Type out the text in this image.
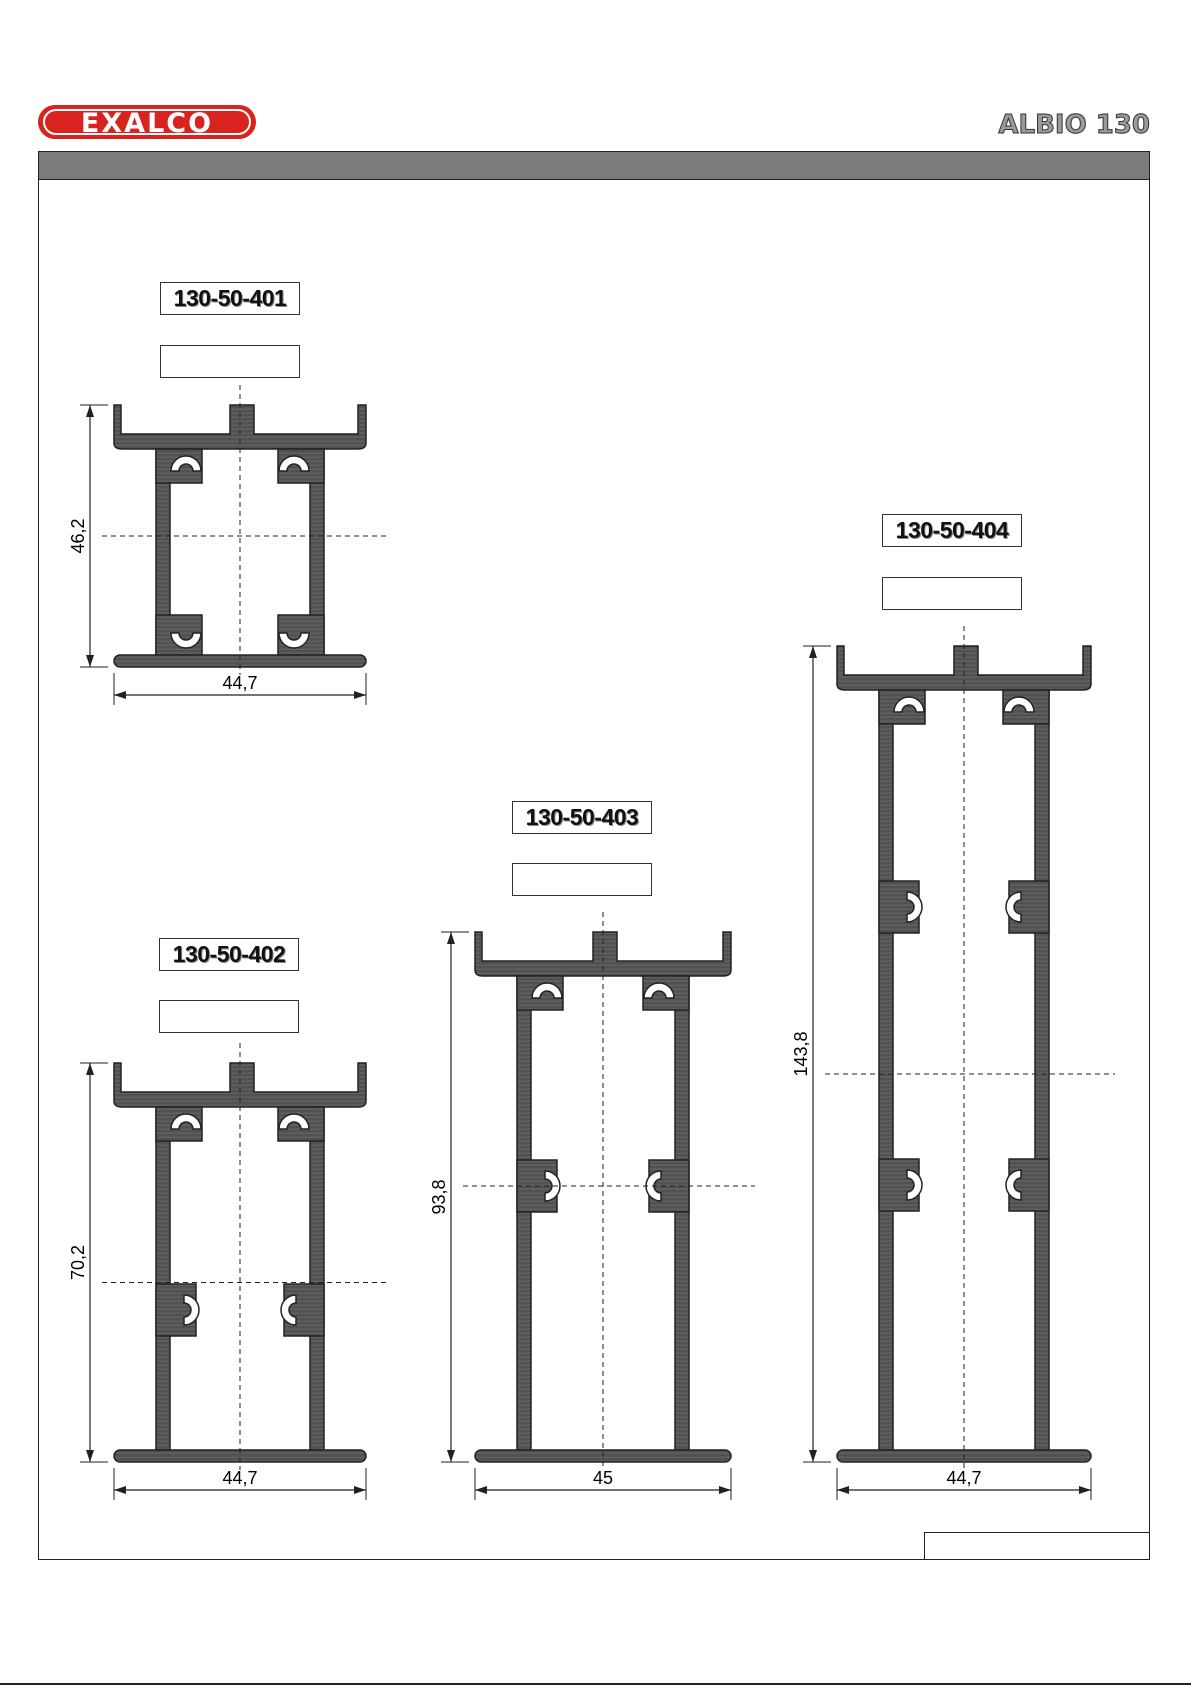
EXALCO	ALBIO 130
130-50-401
130-50-402
130-50-403
130-50-404
46,2
44,7
70,2
44,7
93,8
45
143,8
44,7
